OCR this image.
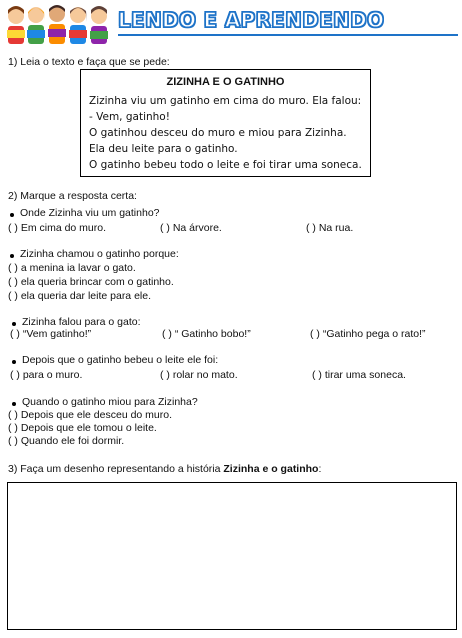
LENDO E APRENDENDO
1) Leia o texto e faça que se pede:
ZIZINHA E O GATINHO
Zizinha viu um gatinho em cima do muro. Ela falou:
- Vem, gatinho!
O gatinhou desceu do muro e miou para Zizinha.
Ela deu leite para o gatinho.
O gatinho bebeu todo o leite e foi tirar uma soneca.
2) Marque a resposta certa:
Onde Zizinha viu um gatinho?
( ) Em cima do muro.	( ) Na árvore.	( ) Na rua.
Zizinha chamou o gatinho porque:
( ) a menina ia lavar o gato.
( ) ela queria brincar com o gatinho.
( ) ela queria dar leite para ele.
Zizinha falou para o gato:
( ) “Vem gatinho!”	( ) “ Gatinho bobo!”	( ) “Gatinho pega o rato!”
Depois que o gatinho bebeu o leite ele foi:
( ) para o muro.	( ) rolar no mato.	( ) tirar uma soneca.
Quando o gatinho miou para Zizinha?
( ) Depois que ele desceu do muro.
( ) Depois que ele tomou o leite.
( ) Quando ele foi dormir.
3) Faça um desenho representando a história Zizinha e o gatinho:
